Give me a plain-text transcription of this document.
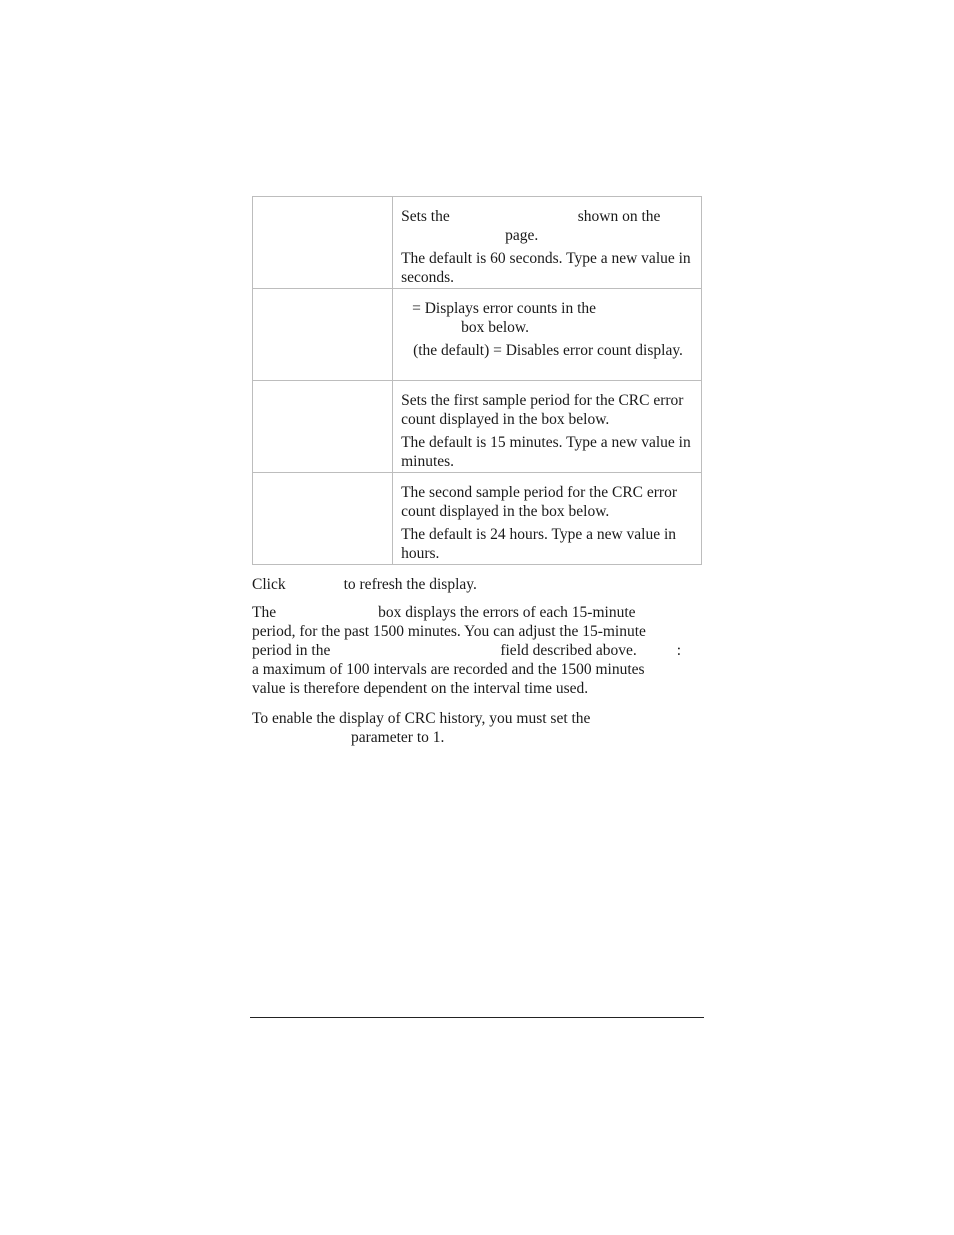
	Sets the shown on the
page.

The default is 60 seconds. Type a new value in seconds.

	= Displays error counts in the
box below.

(the default) = Disables error count display.

	Sets the first sample period for the CRC error count displayed in the box below.

The default is 15 minutes. Type a new value in minutes.

	The second sample period for the CRC error count displayed in the box below.

The default is 24 hours. Type a new value in hours.

Click	to refresh the display.

The	box displays the errors of each 15-minute
period, for the past 1500 minutes. You can adjust the 15-minute
period in the	field described above.	:
a maximum of 100 intervals are recorded and the 1500 minutes
value is therefore dependent on the interval time used.

To enable the display of CRC history, you must set the
parameter to 1.
